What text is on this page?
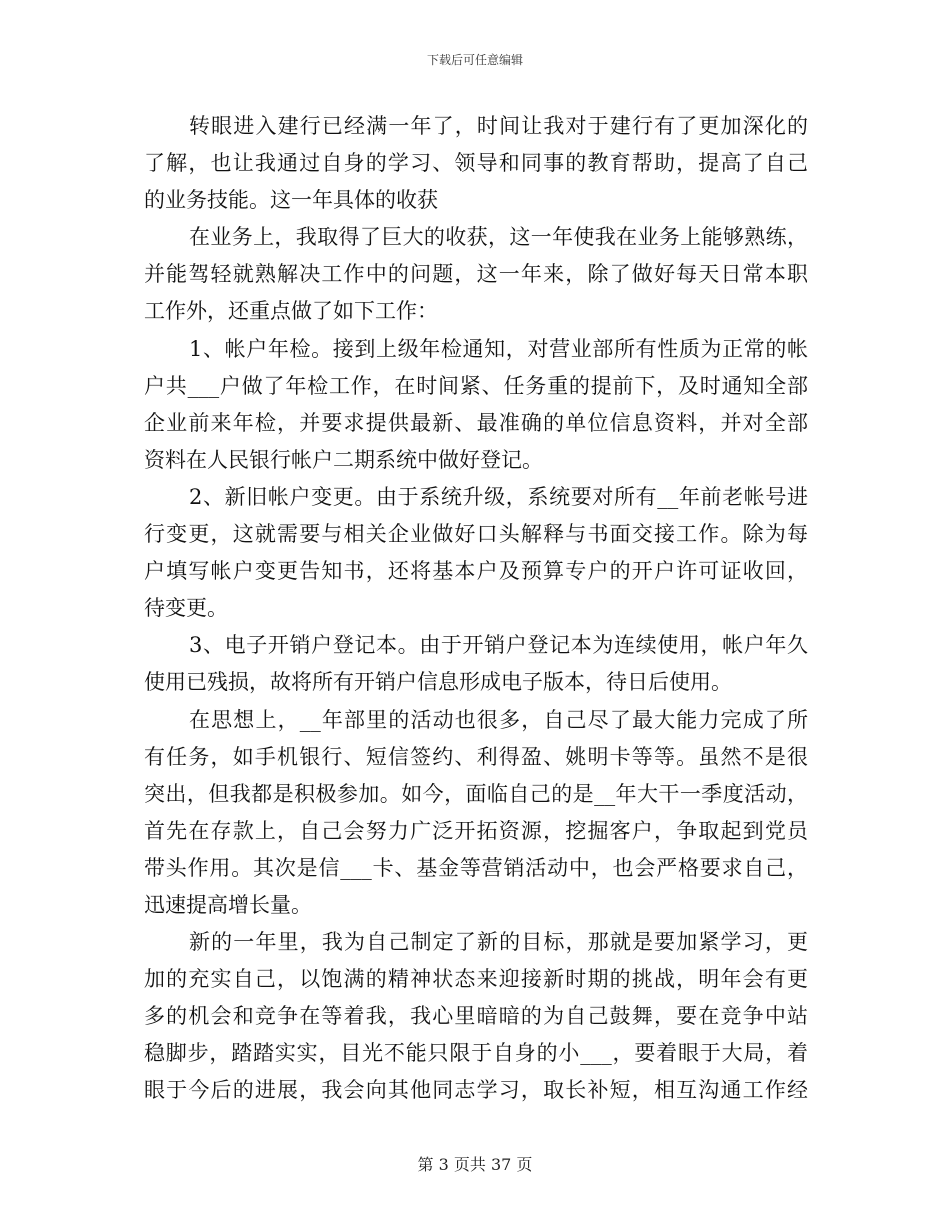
下载后可任意编辑
转眼进入建行已经满一年了，时间让我对于建行有了更加深化的
了解，也让我通过自身的学习、领导和同事的教育帮助，提高了自己
的业务技能。这一年具体的收获
在业务上，我取得了巨大的收获，这一年使我在业务上能够熟练，
并能驾轻就熟解决工作中的问题，这一年来，除了做好每天日常本职
工作外，还重点做了如下工作：
1、帐户年检。接到上级年检通知，对营业部所有性质为正常的帐
户共___户做了年检工作，在时间紧、任务重的提前下，及时通知全部
企业前来年检，并要求提供最新、最准确的单位信息资料，并对全部
资料在人民银行帐户二期系统中做好登记。
2、新旧帐户变更。由于系统升级，系统要对所有__年前老帐号进
行变更，这就需要与相关企业做好口头解释与书面交接工作。除为每
户填写帐户变更告知书，还将基本户及预算专户的开户许可证收回，
待变更。
3、电子开销户登记本。由于开销户登记本为连续使用，帐户年久
使用已残损，故将所有开销户信息形成电子版本，待日后使用。
在思想上，__年部里的活动也很多，自己尽了最大能力完成了所
有任务，如手机银行、短信签约、利得盈、姚明卡等等。虽然不是很
突出，但我都是积极参加。如今，面临自己的是__年大干一季度活动，
首先在存款上，自己会努力广泛开拓资源，挖掘客户，争取起到党员
带头作用。其次是信___卡、基金等营销活动中，也会严格要求自己，
迅速提高增长量。
新的一年里，我为自己制定了新的目标，那就是要加紧学习，更
加的充实自己，以饱满的精神状态来迎接新时期的挑战，明年会有更
多的机会和竞争在等着我，我心里暗暗的为自己鼓舞，要在竞争中站
稳脚步，踏踏实实，目光不能只限于自身的小___，要着眼于大局，着
眼于今后的进展，我会向其他同志学习，取长补短，相互沟通工作经
第 3 页共 37 页
